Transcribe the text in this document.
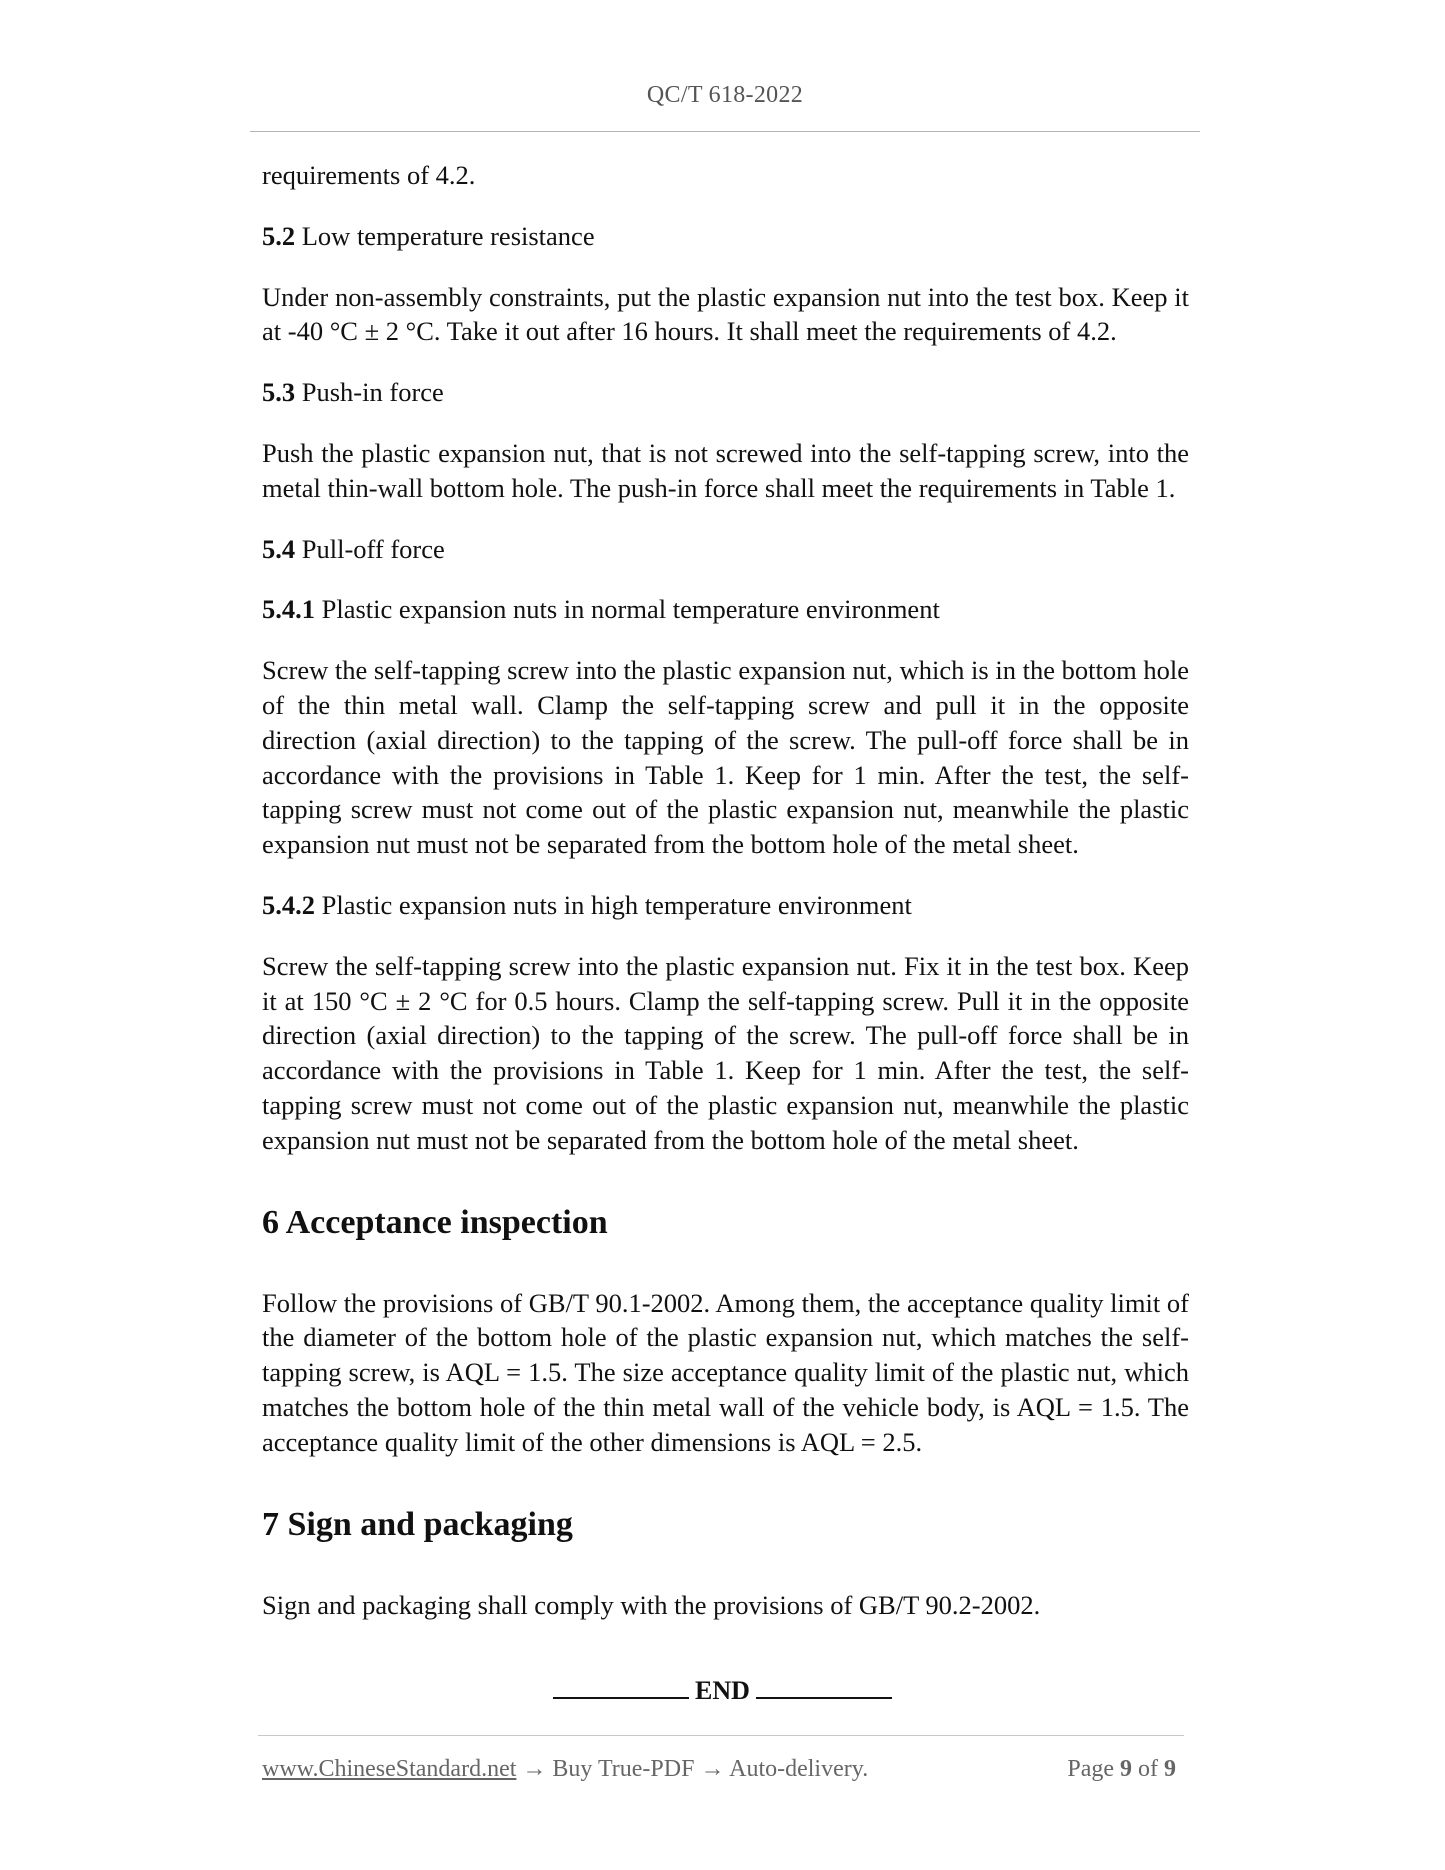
QC/T 618-2022

requirements of 4.2.

5.2 Low temperature resistance

Under non-assembly constraints, put the plastic expansion nut into the test box. Keep it at -40 °C ± 2 °C. Take it out after 16 hours. It shall meet the requirements of 4.2.

5.3 Push-in force

Push the plastic expansion nut, that is not screwed into the self-tapping screw, into the metal thin-wall bottom hole. The push-in force shall meet the requirements in Table 1.

5.4 Pull-off force

5.4.1 Plastic expansion nuts in normal temperature environment

Screw the self-tapping screw into the plastic expansion nut, which is in the bottom hole of the thin metal wall. Clamp the self-tapping screw and pull it in the opposite direction (axial direction) to the tapping of the screw. The pull-off force shall be in accordance with the provisions in Table 1. Keep for 1 min. After the test, the self-tapping screw must not come out of the plastic expansion nut, meanwhile the plastic expansion nut must not be separated from the bottom hole of the metal sheet.

5.4.2 Plastic expansion nuts in high temperature environment

Screw the self-tapping screw into the plastic expansion nut. Fix it in the test box. Keep it at 150 °C ± 2 °C for 0.5 hours. Clamp the self-tapping screw. Pull it in the opposite direction (axial direction) to the tapping of the screw. The pull-off force shall be in accordance with the provisions in Table 1. Keep for 1 min. After the test, the self-tapping screw must not come out of the plastic expansion nut, meanwhile the plastic expansion nut must not be separated from the bottom hole of the metal sheet.

6 Acceptance inspection

Follow the provisions of GB/T 90.1-2002. Among them, the acceptance quality limit of the diameter of the bottom hole of the plastic expansion nut, which matches the self-tapping screw, is AQL = 1.5. The size acceptance quality limit of the plastic nut, which matches the bottom hole of the thin metal wall of the vehicle body, is AQL = 1.5. The acceptance quality limit of the other dimensions is AQL = 2.5.

7 Sign and packaging

Sign and packaging shall comply with the provisions of GB/T 90.2-2002.

END
www.ChineseStandard.net → Buy True-PDF → Auto-delivery.	Page 9 of 9
